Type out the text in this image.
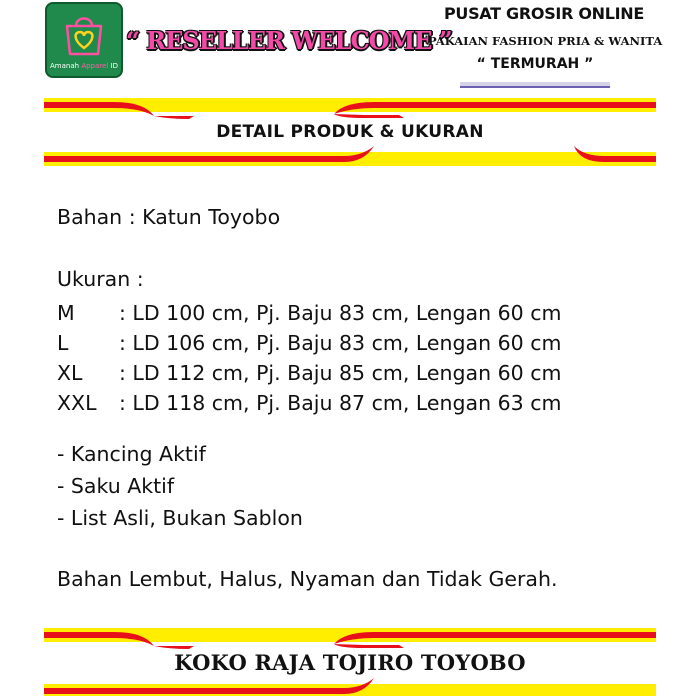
Amanah Apparel ID
“ RESELLER WELCOME ”
PUSAT GROSIR ONLINE
PAKAIAN FASHION PRIA & WANITA
“ TERMURAH ”
DETAIL PRODUK & UKURAN
Bahan : Katun Toyobo
Ukuran :
M : LD 100 cm, Pj. Baju 83 cm, Lengan 60 cm
L : LD 106 cm, Pj. Baju 83 cm, Lengan 60 cm
XL : LD 112 cm, Pj. Baju 85 cm, Lengan 60 cm
XXL : LD 118 cm, Pj. Baju 87 cm, Lengan 63 cm
- Kancing Aktif
- Saku Aktif
- List Asli, Bukan Sablon
Bahan Lembut, Halus, Nyaman dan Tidak Gerah.
KOKO RAJA TOJIRO TOYOBO
